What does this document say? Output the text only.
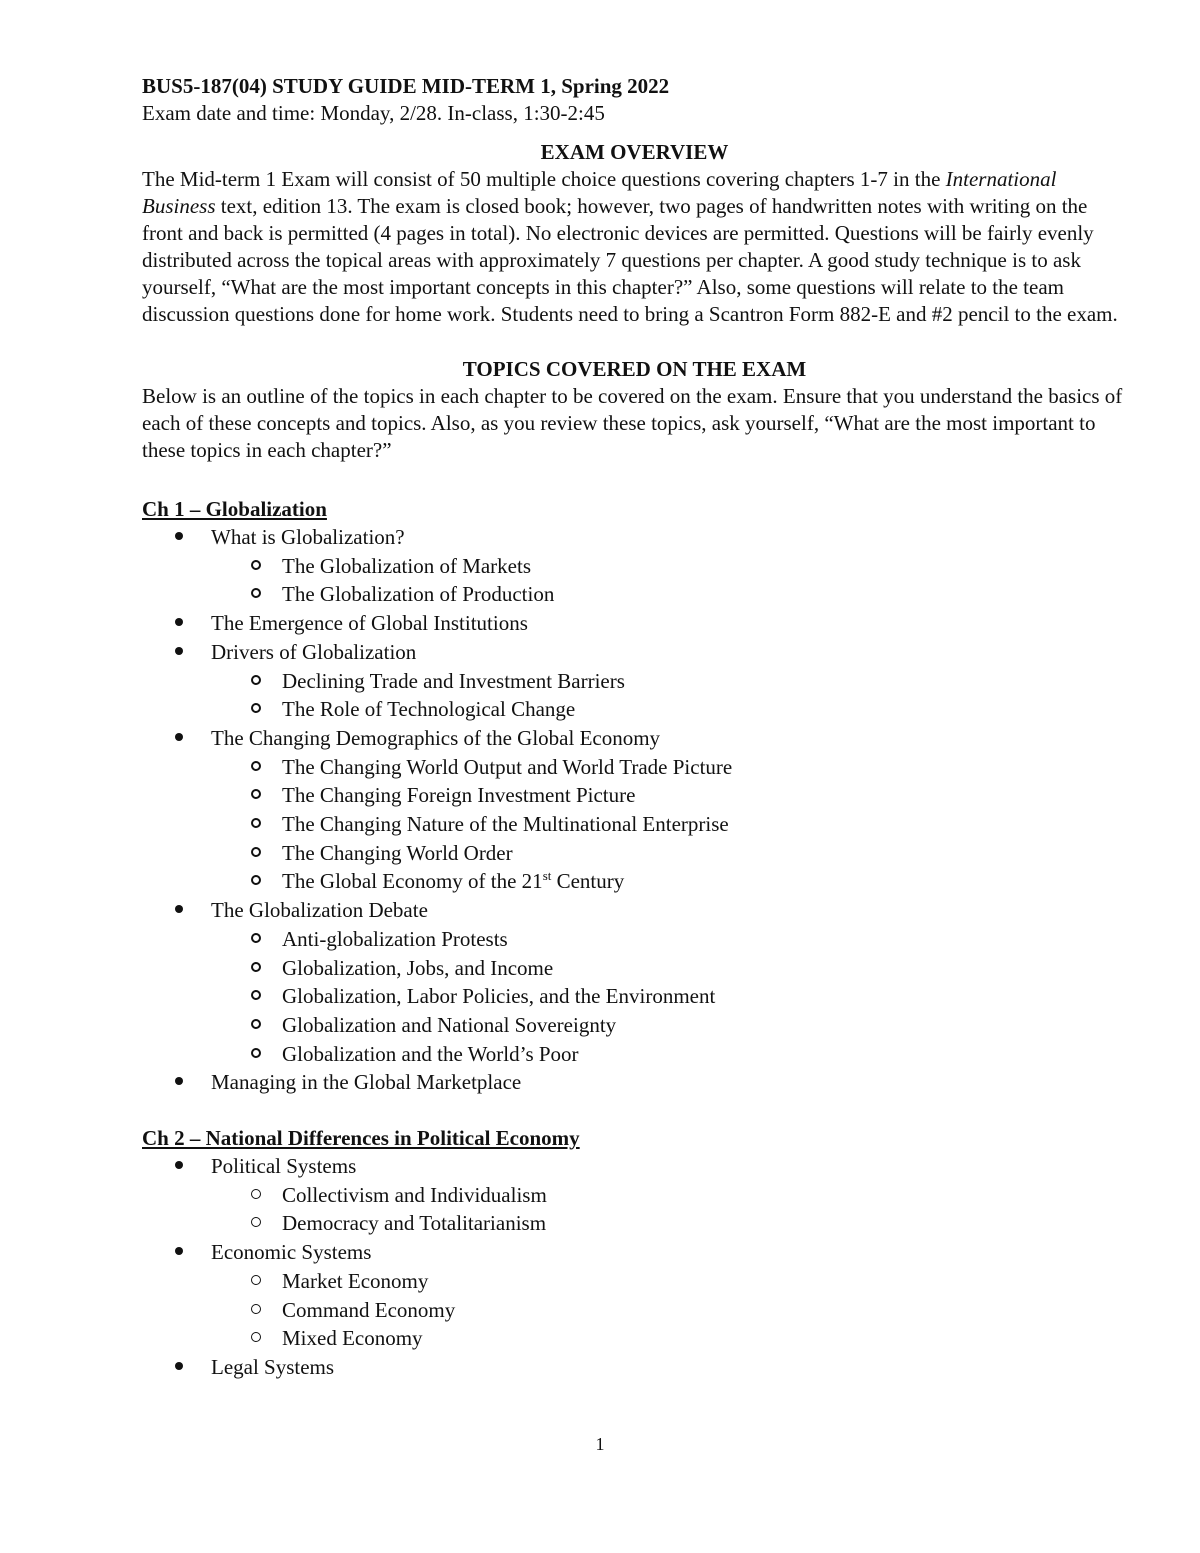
BUS5-187(04) STUDY GUIDE MID-TERM 1, Spring 2022
Exam date and time: Monday, 2/28. In-class, 1:30-2:45
EXAM OVERVIEW

The Mid-term 1 Exam will consist of 50 multiple choice questions covering chapters 1-7 in the International Business text, edition 13. The exam is closed book; however, two pages of handwritten notes with writing on the front and back is permitted (4 pages in total). No electronic devices are permitted. Questions will be fairly evenly distributed across the topical areas with approximately 7 questions per chapter. A good study technique is to ask yourself, “What are the most important concepts in this chapter?” Also, some questions will relate to the team discussion questions done for home work. Students need to bring a Scantron Form 882-E and #2 pencil to the exam.

TOPICS COVERED ON THE EXAM

Below is an outline of the topics in each chapter to be covered on the exam. Ensure that you understand the basics of each of these concepts and topics. Also, as you review these topics, ask yourself, “What are the most important to these topics in each chapter?”

Ch 1 – Globalization
What is Globalization?
The Globalization of Markets
The Globalization of Production
The Emergence of Global Institutions
Drivers of Globalization
Declining Trade and Investment Barriers
The Role of Technological Change
The Changing Demographics of the Global Economy
The Changing World Output and World Trade Picture
The Changing Foreign Investment Picture
The Changing Nature of the Multinational Enterprise
The Changing World Order
The Global Economy of the 21st Century
The Globalization Debate
Anti-globalization Protests
Globalization, Jobs, and Income
Globalization, Labor Policies, and the Environment
Globalization and National Sovereignty
Globalization and the World’s Poor
Managing in the Global Marketplace
Ch 2 – National Differences in Political Economy
Political Systems
Collectivism and Individualism
Democracy and Totalitarianism
Economic Systems
Market Economy
Command Economy
Mixed Economy
Legal Systems
1
